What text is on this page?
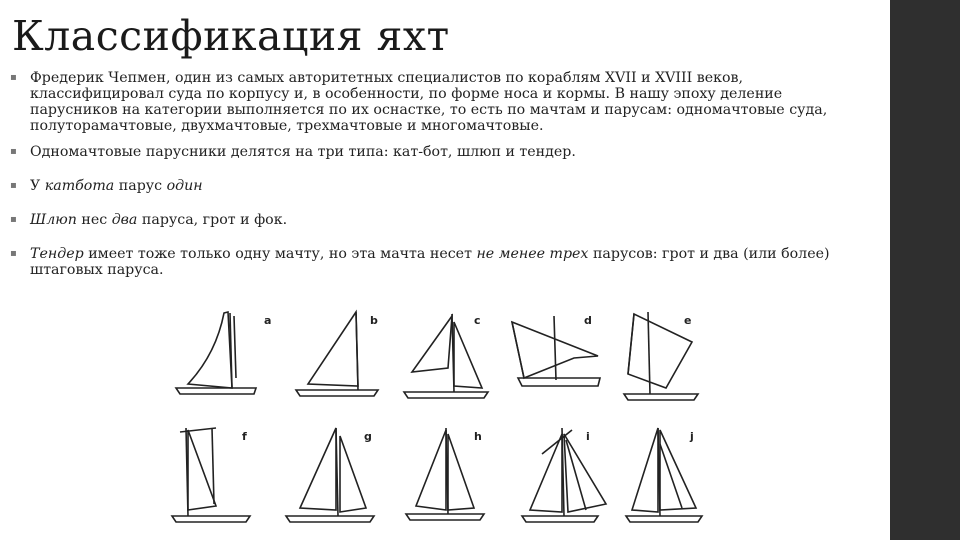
Классификация яхт
▪ Фредерик Чепмен, один из самых авторитетных специалистов по кораблям XVII и XVIII веков, классифицировал суда по корпусу и, в особенности, по форме носа и кормы. В нашу эпоху деление парусников на категории выполняется по их оснастке, то есть по мачтам и парусам: одномачтовые суда, полуторамачтовые, двухмачтовые, трехмачтовые и многомачтовые.
▪ Одномачтовые парусники делятся на три типа: кат-бот, шлюп и тендер.
▪ У катбота парус один
▪ Шлюп нес два паруса, грот и фок.
▪ Тендер имеет тоже только одну мачту, но эта мачта несет не менее трех парусов: грот и два (или более) штаговых паруса.
a	b	c	d	e
f	g	h	i	j
